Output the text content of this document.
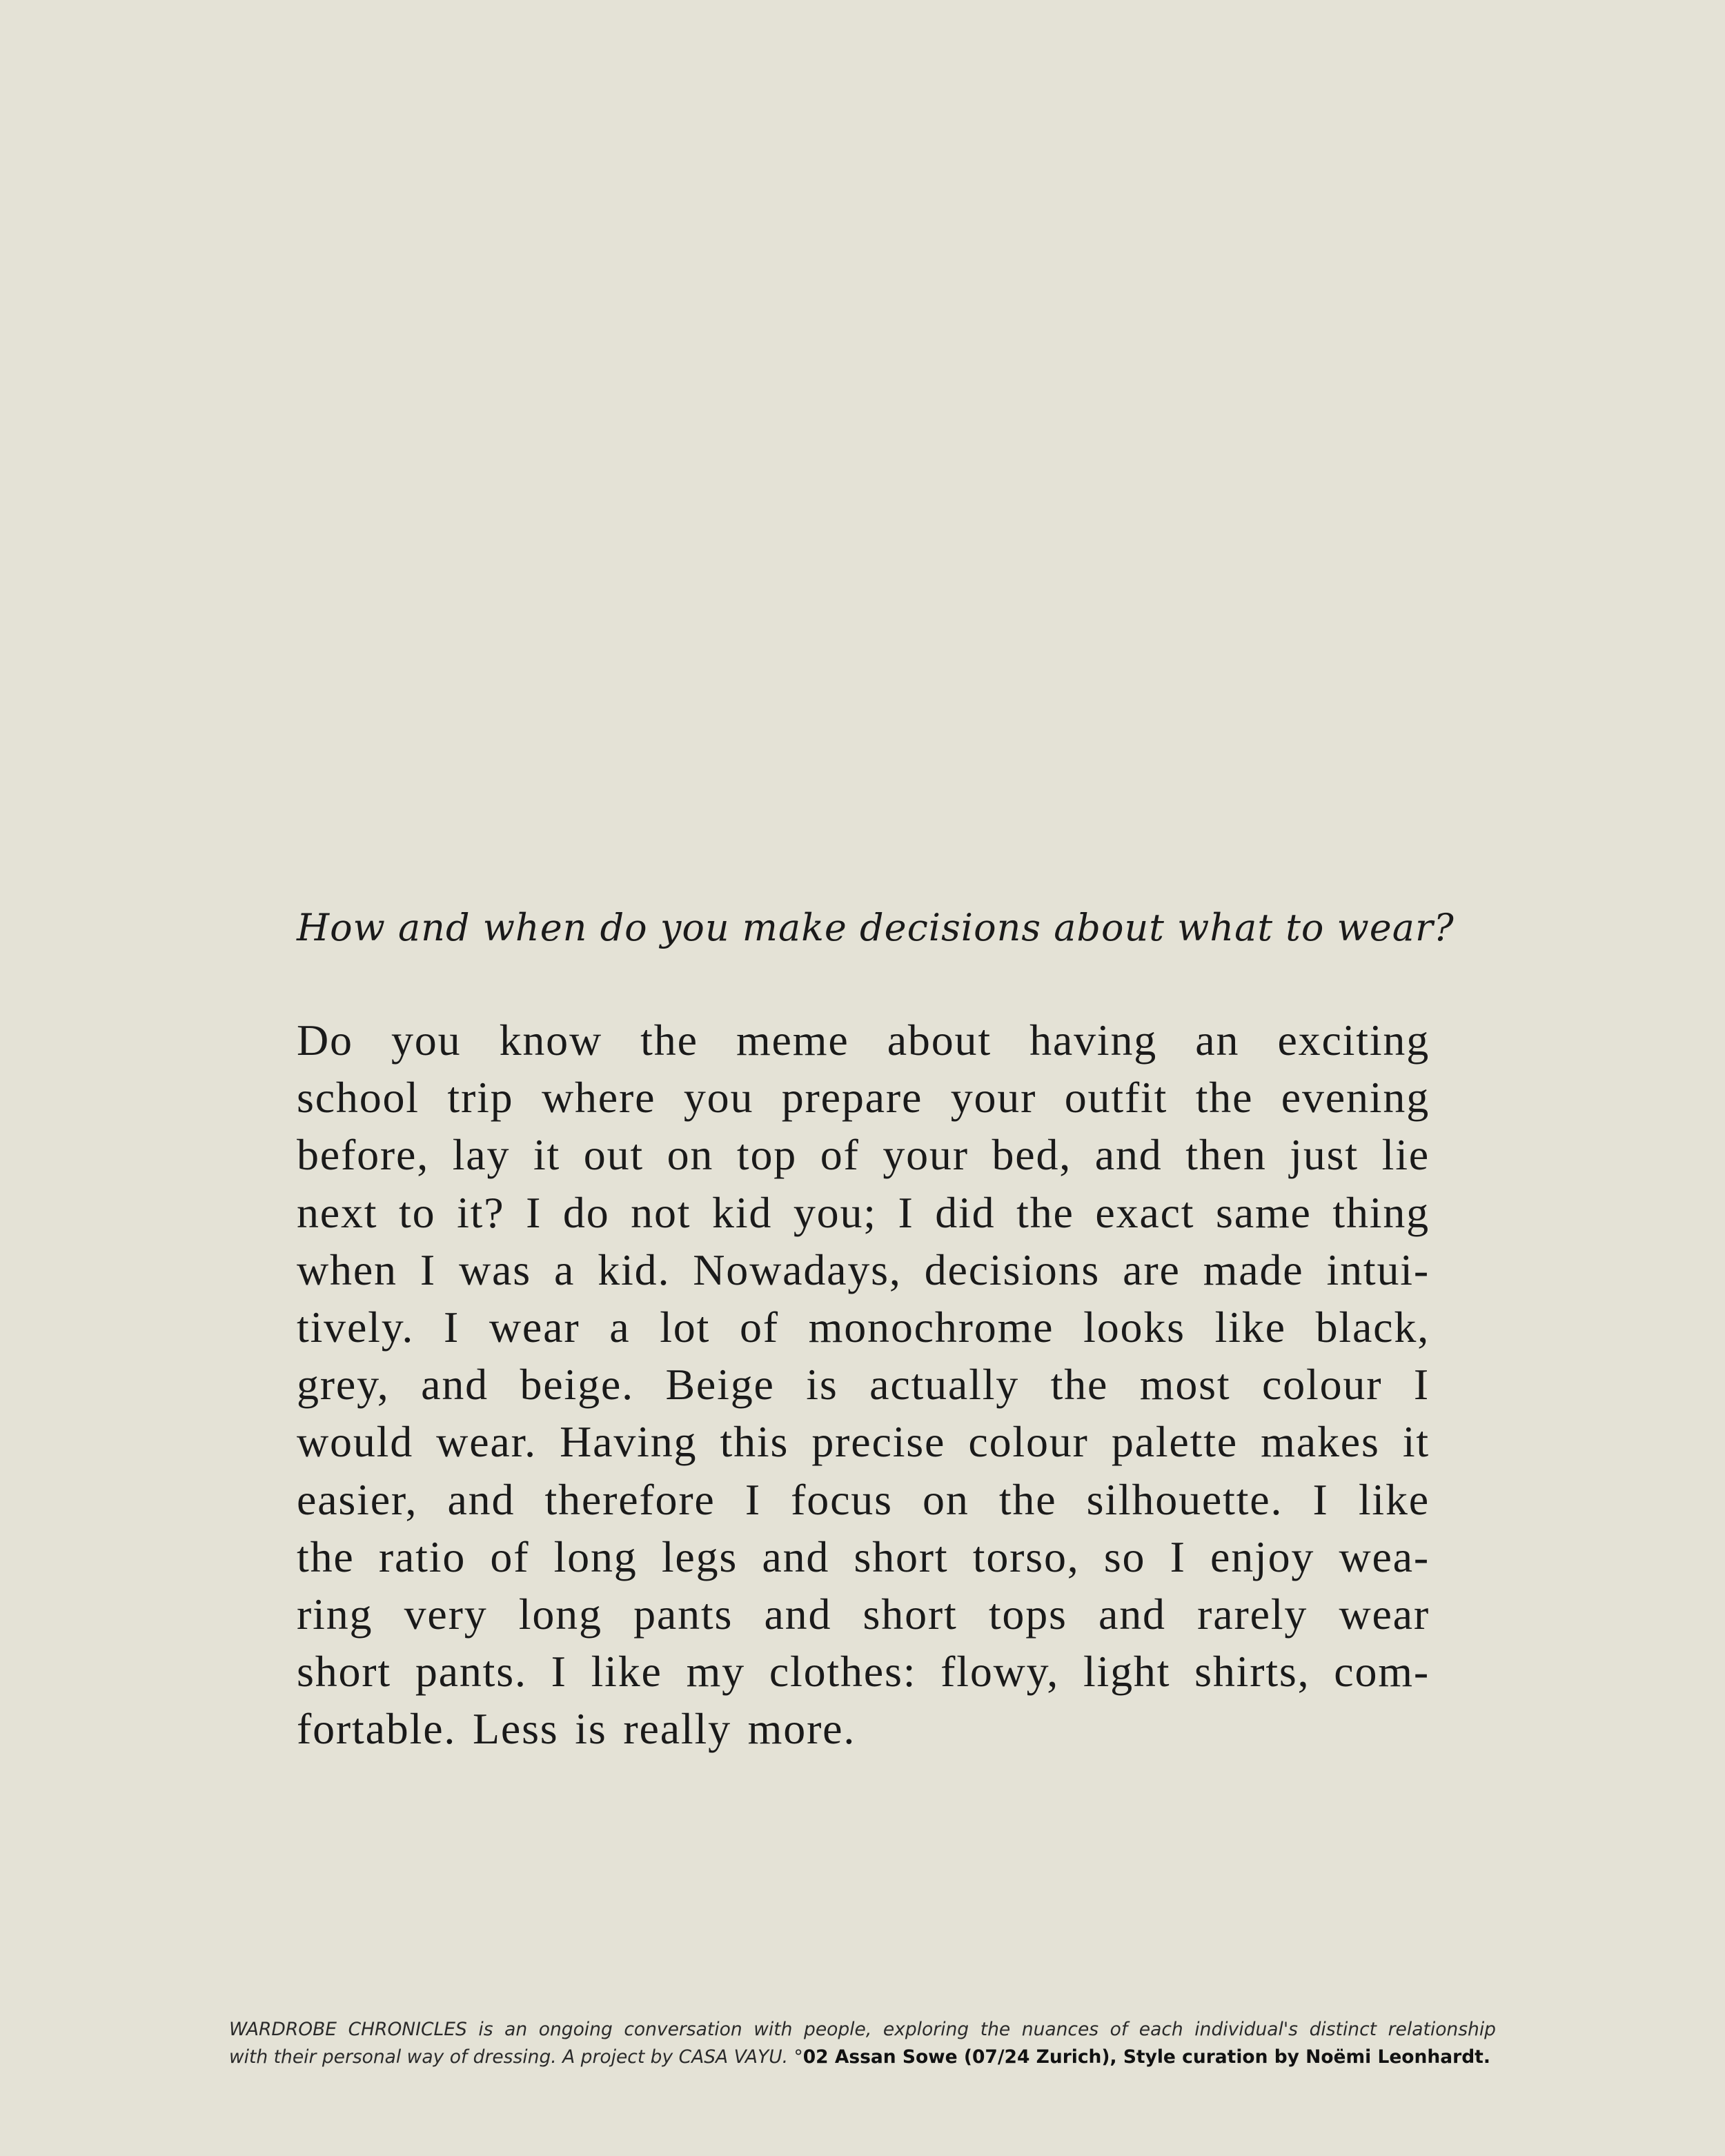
How and when do you make decisions about what to wear?

Do you know the meme about having an exciting
school trip where you prepare your outfit the evening
before, lay it out on top of your bed, and then just lie
next to it? I do not kid you; I did the exact same thing
when I was a kid. Nowadays, decisions are made intui-
tively. I wear a lot of monochrome looks like black,
grey, and beige. Beige is actually the most colour I
would wear. Having this precise colour palette makes it
easier, and therefore I focus on the silhouette. I like
the ratio of long legs and short torso, so I enjoy wea-
ring very long pants and short tops and rarely wear
short pants. I like my clothes: flowy, light shirts, com-
fortable. Less is really more.
WARDROBE CHRONICLES is an ongoing conversation with people, exploring the nuances of each individual's distinct relationship
with their personal way of dressing. A project by CASA VAYU. °02 Assan Sowe (07/24 Zurich), Style curation by Noëmi Leonhardt.
